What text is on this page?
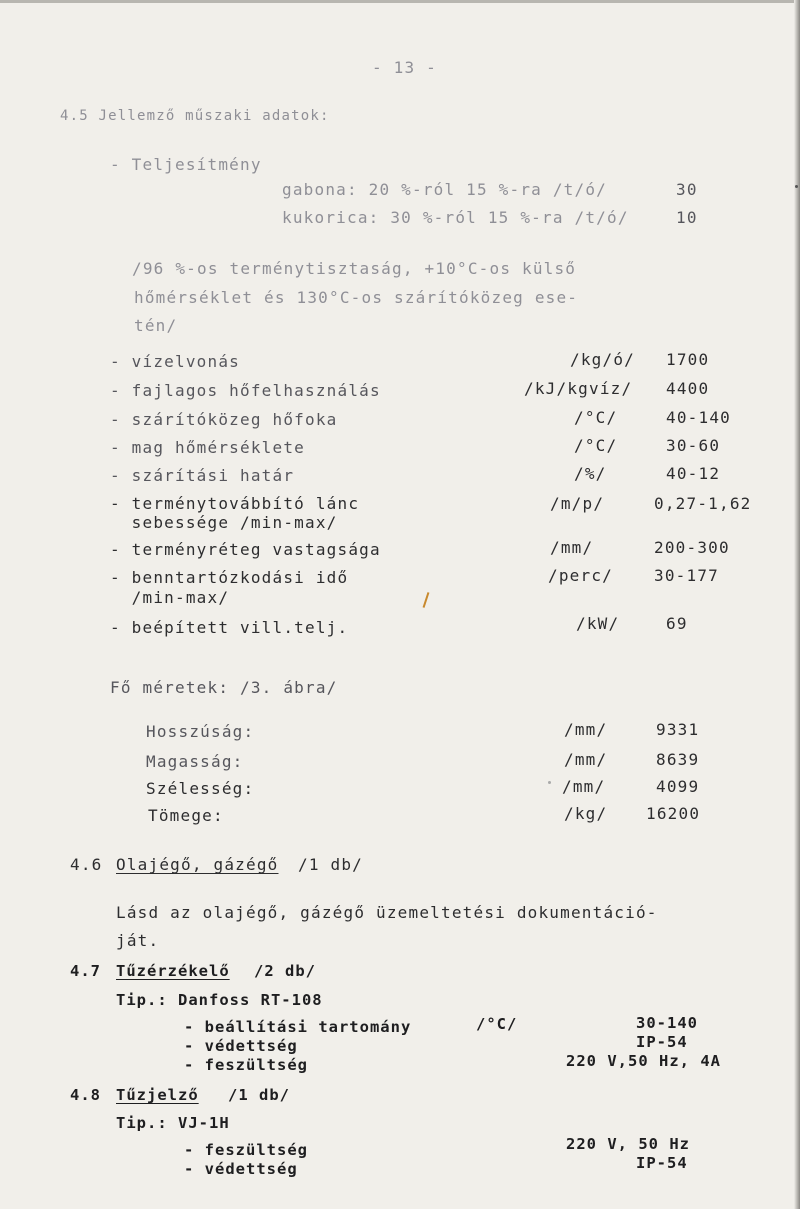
- 13 -
4.5 Jellemző műszaki adatok:
- Teljesítmény
gabona: 20 %-ról 15 %-ra /t/ó/	30
kukorica: 30 %-ról 15 %-ra /t/ó/	10
/96 %-os terménytisztaság, +10°C-os külső
hőmérséklet és 130°C-os szárítóközeg ese-
tén/
- vízelvonás	/kg/ó/ 1700
- fajlagos hőfelhasználás	/kJ/kgvíz/ 4400
- szárítóközeg hőfoka	/°C/	40-140
- mag hőmérséklete	/°C/	30-60
- szárítási határ	/%/	40-12
- terménytovábbító lánc
sebessége /min-max/
/m/p/	0,27-1,62
- terményréteg vastagsága	/mm/	200-300
- benntartózkodási idő
/min-max/
/perc/	30-177
- beépített vill.telj.	/kW/	69
Fő méretek: /3. ábra/
Hosszúság:	/mm/	9331
Magasság:	/mm/	8639
Szélesség:	/mm/	4099
Tömege:	/kg/ 16200
4.6 Olajégő, gázégő /1 db/
Lásd az olajégő, gázégő üzemeltetési dokumentáció-
ját.
4.7 Tűzérzékelő /2 db/
Tip.: Danfoss RT-108
- beállítási tartomány	/°C/	30-140
- védettség	IP-54
- feszültség	220 V,50 Hz, 4A
4.8 Tűzjelző /1 db/
Tip.: VJ-1H
- feszültség	220 V, 50 Hz
- védettség	IP-54
